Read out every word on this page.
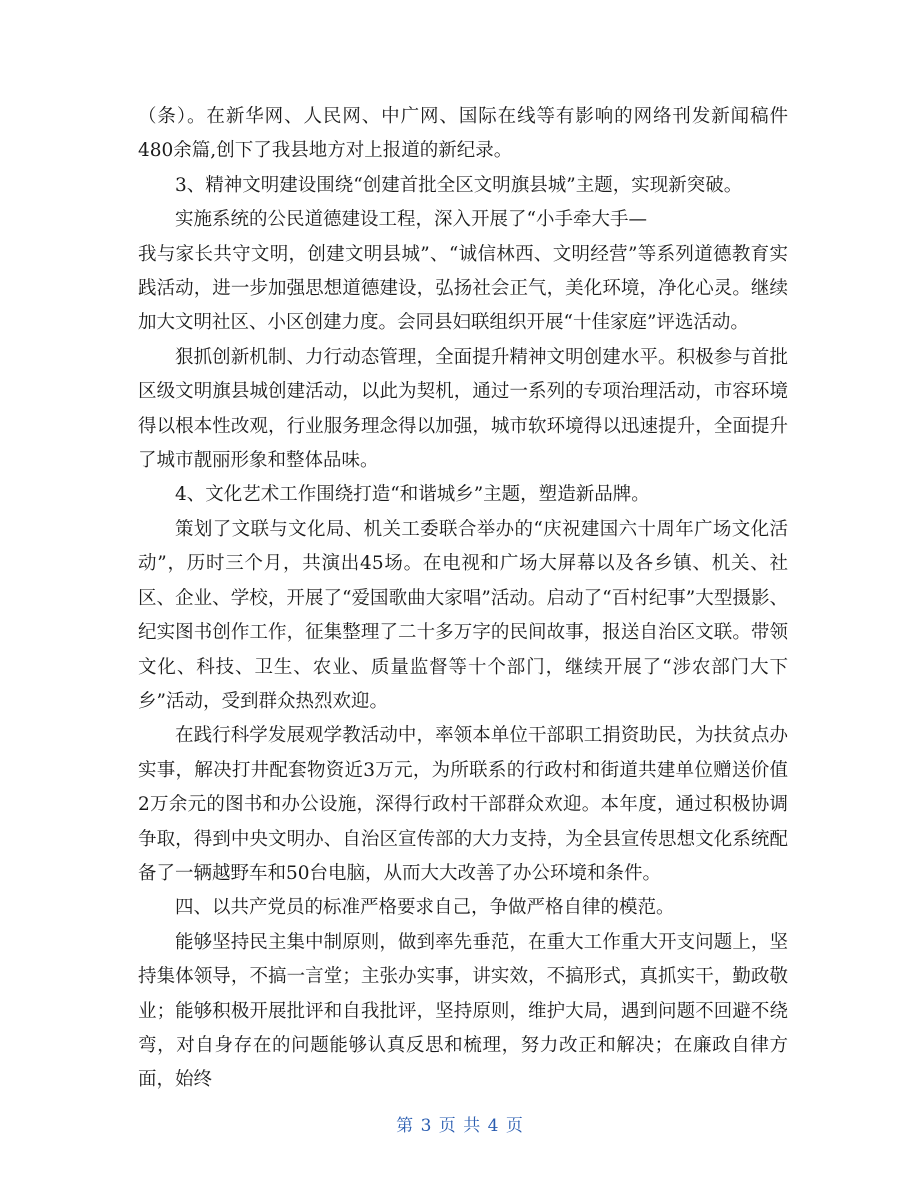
（条）。在新华网、人民网、中广网、国际在线等有影响的网络刊发新闻稿件480余篇,创下了我县地方对上报道的新纪录。

3、精神文明建设围绕“创建首批全区文明旗县城”主题，实现新突破。

实施系统的公民道德建设工程，深入开展了“小手牵大手—

我与家长共守文明，创建文明县城”、“诚信林西、文明经营”等系列道德教育实践活动，进一步加强思想道德建设，弘扬社会正气，美化环境，净化心灵。继续加大文明社区、小区创建力度。会同县妇联组织开展“十佳家庭”评选活动。

狠抓创新机制、力行动态管理，全面提升精神文明创建水平。积极参与首批区级文明旗县城创建活动，以此为契机，通过一系列的专项治理活动，市容环境得以根本性改观，行业服务理念得以加强，城市软环境得以迅速提升，全面提升了城市靓丽形象和整体品味。

4、文化艺术工作围绕打造“和谐城乡”主题，塑造新品牌。

策划了文联与文化局、机关工委联合举办的“庆祝建国六十周年广场文化活动”，历时三个月，共演出45场。在电视和广场大屏幕以及各乡镇、机关、社区、企业、学校，开展了“爱国歌曲大家唱”活动。启动了“百村纪事”大型摄影、纪实图书创作工作，征集整理了二十多万字的民间故事，报送自治区文联。带领文化、科技、卫生、农业、质量监督等十个部门，继续开展了“涉农部门大下乡”活动，受到群众热烈欢迎。

在践行科学发展观学教活动中，率领本单位干部职工捐资助民，为扶贫点办实事，解决打井配套物资近3万元，为所联系的行政村和街道共建单位赠送价值2万余元的图书和办公设施，深得行政村干部群众欢迎。本年度，通过积极协调争取，得到中央文明办、自治区宣传部的大力支持，为全县宣传思想文化系统配备了一辆越野车和50台电脑，从而大大改善了办公环境和条件。

四、以共产党员的标准严格要求自己，争做严格自律的模范。

能够坚持民主集中制原则，做到率先垂范，在重大工作重大开支问题上，坚持集体领导，不搞一言堂；主张办实事，讲实效，不搞形式，真抓实干，勤政敬业；能够积极开展批评和自我批评，坚持原则，维护大局，遇到问题不回避不绕弯，对自身存在的问题能够认真反思和梳理，努力改正和解决；在廉政自律方面，始终

第 3 页 共 4 页
